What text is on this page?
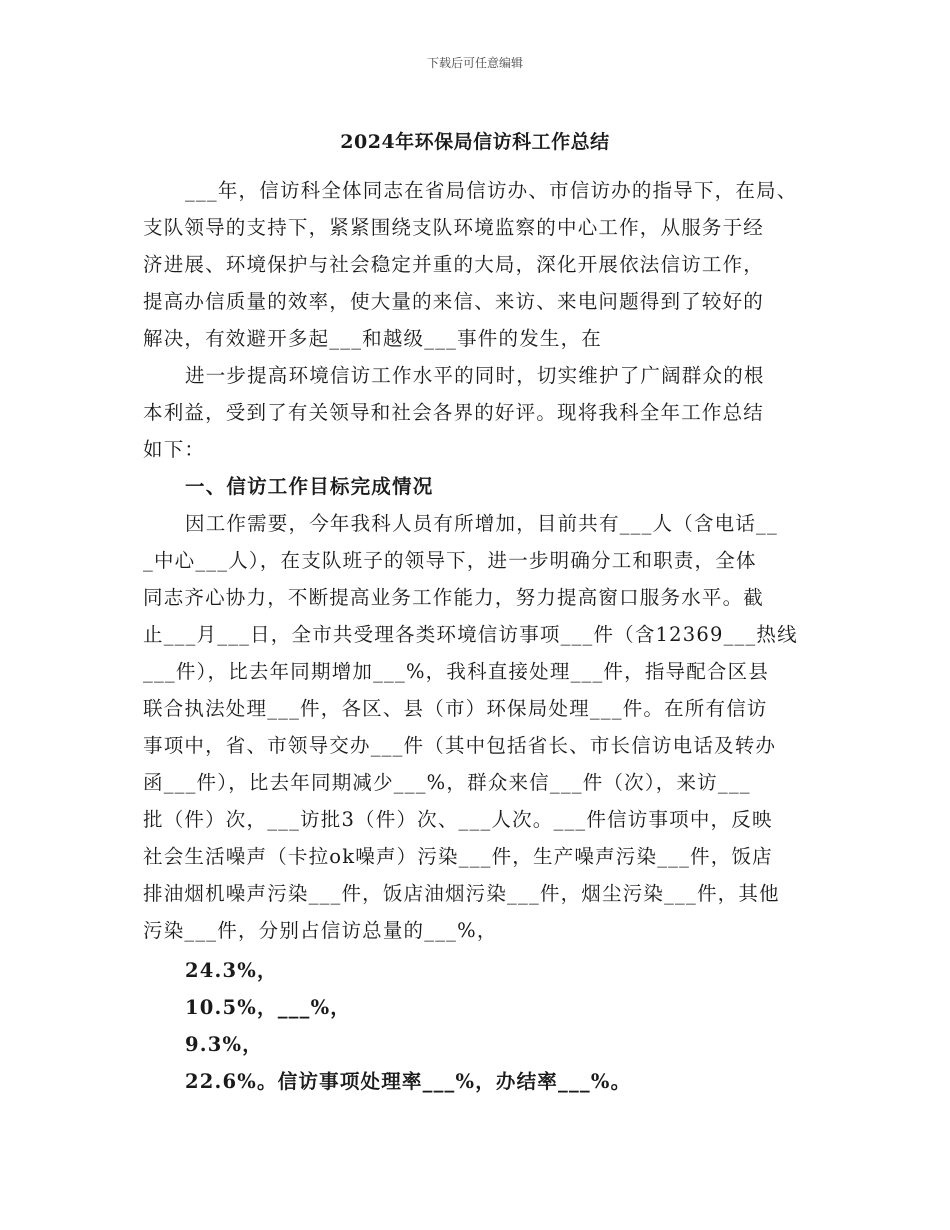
下载后可任意编辑
2024年环保局信访科工作总结
___年，信访科全体同志在省局信访办、市信访办的指导下，在局、
支队领导的支持下，紧紧围绕支队环境监察的中心工作，从服务于经
济进展、环境保护与社会稳定并重的大局，深化开展依法信访工作，
提高办信质量的效率，使大量的来信、来访、来电问题得到了较好的
解决，有效避开多起___和越级___事件的发生，在
进一步提高环境信访工作水平的同时，切实维护了广阔群众的根
本利益，受到了有关领导和社会各界的好评。现将我科全年工作总结
如下：
一、信访工作目标完成情况
因工作需要，今年我科人员有所增加，目前共有___人（含电话__
_中心___人），在支队班子的领导下，进一步明确分工和职责，全体
同志齐心协力，不断提高业务工作能力，努力提高窗口服务水平。截
止___月___日，全市共受理各类环境信访事项___件（含12369___热线
___件），比去年同期增加___%，我科直接处理___件，指导配合区县
联合执法处理___件，各区、县（市）环保局处理___件。在所有信访
事项中，省、市领导交办___件（其中包括省长、市长信访电话及转办
函___件），比去年同期减少___%，群众来信___件（次），来访___
批（件）次，___访批3（件）次、___人次。___件信访事项中，反映
社会生活噪声（卡拉ok噪声）污染___件，生产噪声污染___件，饭店
排油烟机噪声污染___件，饭店油烟污染___件，烟尘污染___件，其他
污染___件，分别占信访总量的___%，
24.3%，
10.5%，___%，
9.3%，
22.6%。信访事项处理率___%，办结率___%。
